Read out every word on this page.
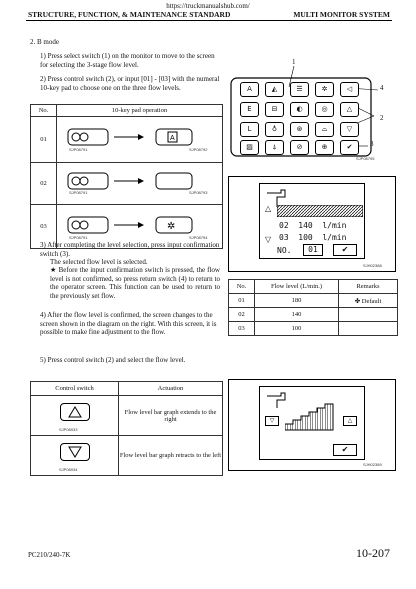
https://truckmanualshub.com/
STRUCTURE, FUNCTION, & MAINTENANCE STANDARD	MULTI MONITOR SYSTEM
2. B mode
1) Press select switch (1) on the monitor to move to the screen for selecting the 3-stage flow level.
2) Press control switch (2), or input [01] - [03] with the numeral 10-key pad to choose one on the three flow levels.
No.	10-key pad operation
01	A
SJP08791 SJP08792

02	SJP08791 SJP08793

03	✲
SJP08791 SJP08794
3) After completing the level selection, press input confirmation switch (3).
The selected flow level is selected.
★ Before the input confirmation switch is pressed, the flow level is not confirmed, so press return switch (4) to return to the operator screen. This function can be used to return to the previously set flow.
4) After the flow level is confirmed, the screen changes to the screen shown in the diagram on the right. With this screen, it is possible to make fine adjustment to the flow.
5) Press control switch (2) and select the flow level.
Control switch	Actuation

SJP08933	Flow level bar graph extends to the right

SJP08934	Flow level bar graph retracts to the left
1
2
3
4
A	◭	☰	✲	◁
E	⊟	◐	◎	△
L	♁	⊛	⌓	▽
▨	⍋	⊘	⊕	✔
SJP08795
△
02  140  l/min
▽ 03  100  l/min
NO.	01	✔
SJH02388
No.	Flow level (L/min.)	Remarks
01	180	✤ Default
02	140	
03	100	
▽	△
✔
SJH02389
PC210/240-7K	10-207
